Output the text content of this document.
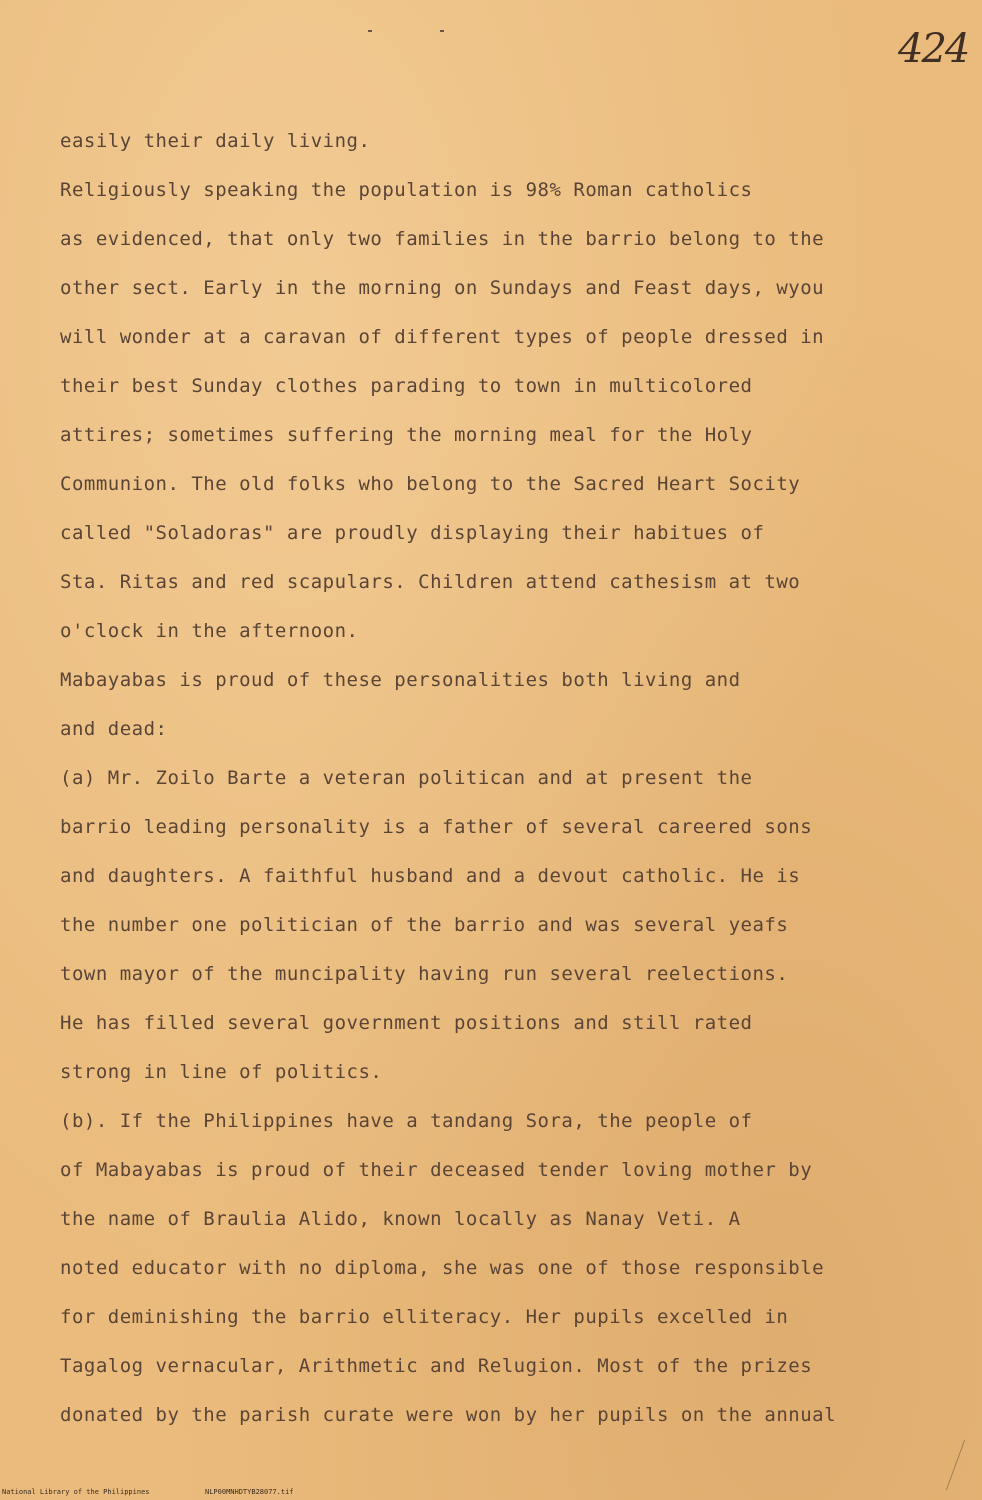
424
easily their daily living.
Religiously speaking the population is 98% Roman catholics
as evidenced, that only two families in the barrio belong to the
other sect. Early in the morning on Sundays and Feast days, wyou
will wonder at a caravan of different types of people dressed in
their best Sunday clothes parading to town in multicolored
attires; sometimes suffering the morning meal for the Holy
Communion. The old folks who belong to the Sacred Heart Socity
called "Soladoras" are proudly displaying their habitues of
Sta. Ritas and red scapulars. Children attend cathesism at two
o'clock in the afternoon.
Mabayabas is proud of these personalities both living and
and dead:
(a) Mr. Zoilo Barte a veteran politican and at present the
barrio leading personality is a father of several careered sons
and daughters. A faithful husband and a devout catholic. He is
the number one politician of the barrio and was several yeafs
town mayor of the muncipality having run several reelections.
He has filled several government positions and still rated
strong in line of politics.
(b). If the Philippines have a tandang Sora, the people of
of Mabayabas is proud of their deceased tender loving mother by
the name of Braulia Alido, known locally as Nanay Veti. A
noted educator with no diploma, she was one of those responsible
for deminishing the barrio elliteracy. Her pupils excelled in
Tagalog vernacular, Arithmetic and Relugion. Most of the prizes
donated by the parish curate were won by her pupils on the annual
National Library of the Philippines	NLP00MNHDTYB28077.tif
